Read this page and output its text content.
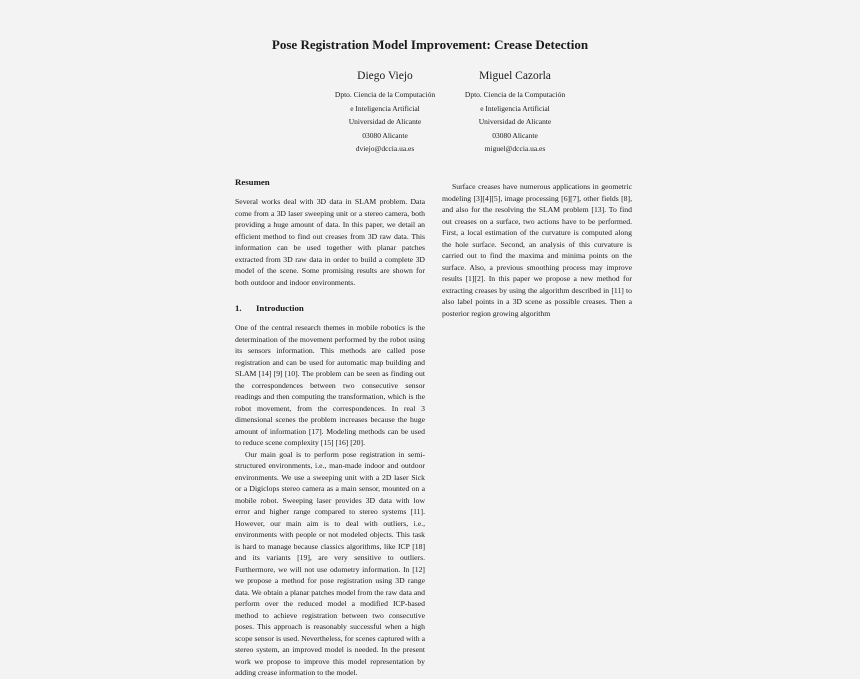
Pose Registration Model Improvement: Crease Detection
Diego Viejo
Dpto. Ciencia de la Computación
e Inteligencia Artificial
Universidad de Alicante
03080 Alicante
dviejo@dccia.ua.es
Miguel Cazorla
Dpto. Ciencia de la Computación
e Inteligencia Artificial
Universidad de Alicante
03080 Alicante
miguel@dccia.ua.es
Resumen

Several works deal with 3D data in SLAM problem. Data come from a 3D laser sweeping unit or a stereo camera, both providing a huge amount of data. In this paper, we detail an efficient method to find out creases from 3D raw data. This information can be used together with planar patches extracted from 3D raw data in order to build a complete 3D model of the scene. Some promising results are shown for both outdoor and indoor environments.

1. Introduction

One of the central research themes in mobile robotics is the determination of the movement performed by the robot using its sensors information. This methods are called pose registration and can be used for automatic map building and SLAM [14] [9] [10]. The problem can be seen as finding out the correspondences between two consecutive sensor readings and then computing the transformation, which is the robot movement, from the correspondences. In real 3 dimensional scenes the problem increases because the huge amount of information [17]. Modeling methods can be used to reduce scene complexity [15] [16] [20].

Our main goal is to perform pose registration in semi-structured environments, i.e., man-made indoor and outdoor environments. We use a sweeping unit with a 2D laser Sick or a Digiclops stereo camera as a main sensor, mounted on a mobile robot. Sweeping laser provides 3D data with low error and higher range compared to stereo systems [11]. However, our main aim is to deal with outliers, i.e., environments with people or not modeled objects. This task is hard to manage because classics algorithms, like ICP [18] and its variants [19], are very sensitive to outliers. Furthermore, we will not use odometry information. In [12] we propose a method for pose registration using 3D range data. We obtain a planar patches model from the raw data and perform over the reduced model a modified ICP-based method to achieve registration between two consecutive poses. This approach is reasonably successful when a high scope sensor is used. Nevertheless, for scenes captured with a stereo system, an improved model is needed. In the present work we propose to improve this model representation by adding crease information to the model.

Surface creases have numerous applications in geometric modeling [3][4][5], image processing [6][7], other fields [8], and also for the resolving the SLAM problem [13]. To find out creases on a surface, two actions have to be performed. First, a local estimation of the curvature is computed along the hole surface. Second, an analysis of this curvature is carried out to find the maxima and minima points on the surface. Also, a previous smoothing process may improve results [1][2]. In this paper we propose a new method for extracting creases by using the algorithm described in [11] to also label points in a 3D scene as possible creases. Then a posterior region growing algorithm
